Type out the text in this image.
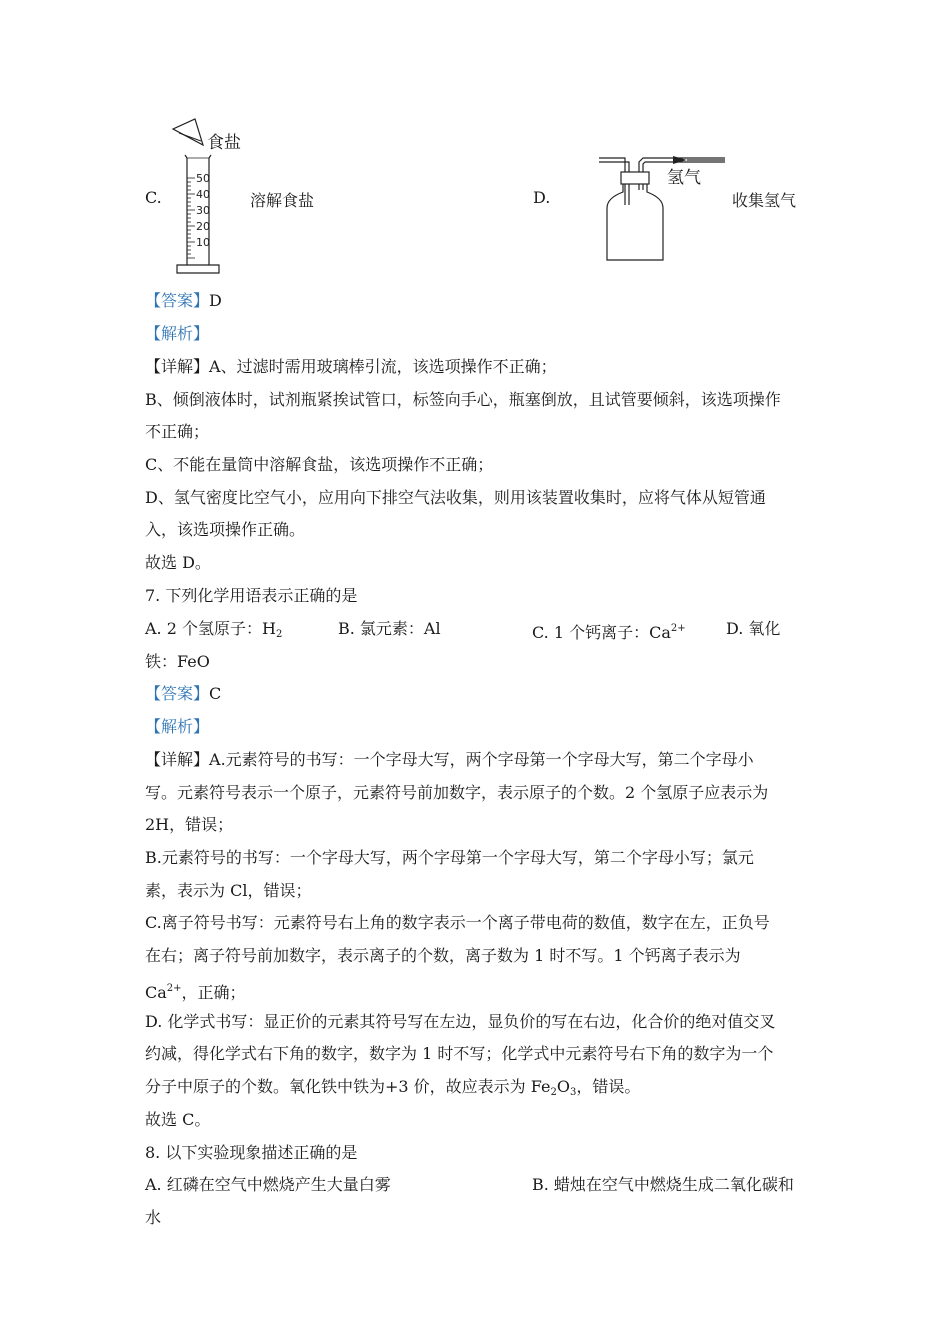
C.
50
40
30
20
10
食盐
溶解食盐	D.
氢气
收集氢气
【答案】D
【解析】
【详解】A、过滤时需用玻璃棒引流，该选项操作不正确；
B、倾倒液体时，试剂瓶紧挨试管口，标签向手心，瓶塞倒放，且试管要倾斜，该选项操作
不正确；
C、不能在量筒中溶解食盐，该选项操作不正确；
D、氢气密度比空气小，应用向下排空气法收集，则用该装置收集时，应将气体从短管通
入，该选项操作正确。
故选 D。
7. 下列化学用语表示正确的是
A. 2 个氢原子：$H_2$	B. 氯元素：Al	C. 1 个钙离子：$Ca^{2+}$	D. 氧化
铁：FeO
【答案】C
【解析】
【详解】A.元素符号的书写：一个字母大写，两个字母第一个字母大写，第二个字母小
写。元素符号表示一个原子，元素符号前加数字，表示原子的个数。2 个氢原子应表示为
2H，错误；
B.元素符号的书写：一个字母大写，两个字母第一个字母大写，第二个字母小写；氯元
素，表示为 Cl，错误；
C.离子符号书写：元素符号右上角的数字表示一个离子带电荷的数值，数字在左，正负号
在右；离子符号前加数字，表示离子的个数，离子数为 1 时不写。1 个钙离子表示为
$Ca^{2+}$，正确；
D. 化学式书写：显正价的元素其符号写在左边，显负价的写在右边，化合价的绝对值交叉
约减，得化学式右下角的数字，数字为 1 时不写；化学式中元素符号右下角的数字为一个
分子中原子的个数。氧化铁中铁为+3 价，故应表示为 $Fe_2O_3$，错误。
故选 C。
8. 以下实验现象描述正确的是
A. 红磷在空气中燃烧产生大量白雾	B. 蜡烛在空气中燃烧生成二氧化碳和
水
